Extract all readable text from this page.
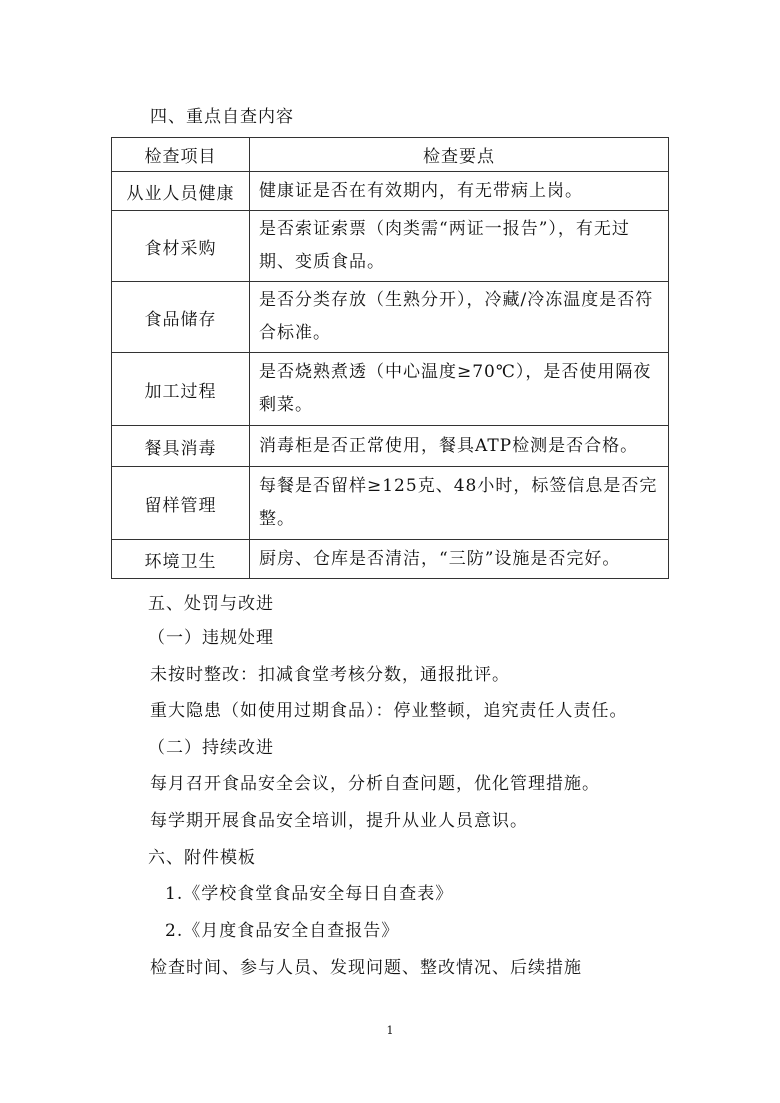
四、重点自查内容
检查项目	检查要点
从业人员健康	健康证是否在有效期内，有无带病上岗。
食材采购	是否索证索票（肉类需“两证一报告”），有无过期、变质食品。
食品储存	是否分类存放（生熟分开），冷藏/冷冻温度是否符合标准。
加工过程	是否烧熟煮透（中心温度≥70℃），是否使用隔夜剩菜。
餐具消毒	消毒柜是否正常使用，餐具ATP检测是否合格。
留样管理	每餐是否留样≥125克、48小时，标签信息是否完整。
环境卫生	厨房、仓库是否清洁，“三防”设施是否完好。
五、处罚与改进
（一）违规处理
未按时整改：扣减食堂考核分数，通报批评。
重大隐患（如使用过期食品）：停业整顿，追究责任人责任。
（二）持续改进
每月召开食品安全会议，分析自查问题，优化管理措施。
每学期开展食品安全培训，提升从业人员意识。
六、附件模板
1.《学校食堂食品安全每日自查表》
2.《月度食品安全自查报告》
检查时间、参与人员、发现问题、整改情况、后续措施
1
